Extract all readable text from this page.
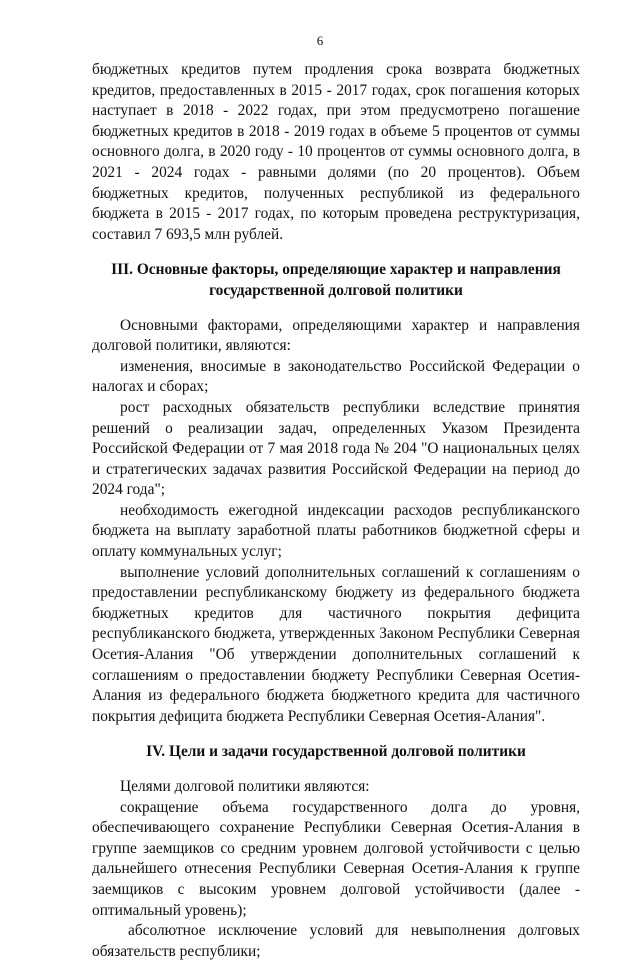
6

бюджетных кредитов путем продления срока возврата бюджетных кредитов, предоставленных в 2015 - 2017 годах, срок погашения которых наступает в 2018 - 2022 годах, при этом предусмотрено погашение бюджетных кредитов в 2018 - 2019 годах в объеме 5 процентов от суммы основного долга, в 2020 году - 10 процентов от суммы основного долга, в 2021 - 2024 годах - равными долями (по 20 процентов). Объем бюджетных кредитов, полученных республикой из федерального бюджета в 2015 - 2017 годах, по которым проведена реструктуризация, составил 7 693,5 млн рублей.

III. Основные факторы, определяющие характер и направления
государственной долговой политики

Основными факторами, определяющими характер и направления долговой политики, являются:

изменения, вносимые в законодательство Российской Федерации о налогах и сборах;

рост расходных обязательств республики вследствие принятия решений о реализации задач, определенных Указом Президента Российской Федерации от 7 мая 2018 года № 204 "О национальных целях и стратегических задачах развития Российской Федерации на период до 2024 года";

необходимость ежегодной индексации расходов республиканского бюджета на выплату заработной платы работников бюджетной сферы и оплату коммунальных услуг;

выполнение условий дополнительных соглашений к соглашениям о предоставлении республиканскому бюджету из федерального бюджета бюджетных кредитов для частичного покрытия дефицита республиканского бюджета, утвержденных Законом Республики Северная Осетия-Алания "Об утверждении дополнительных соглашений к соглашениям о предоставлении бюджету Республики Северная Осетия-Алания из федерального бюджета бюджетного кредита для частичного покрытия дефицита бюджета Республики Северная Осетия-Алания".

IV. Цели и задачи государственной долговой политики

Целями долговой политики являются:

сокращение объема государственного долга до уровня, обеспечивающего сохранение Республики Северная Осетия-Алания в группе заемщиков со средним уровнем долговой устойчивости с целью дальнейшего отнесения Республики Северная Осетия-Алания к группе заемщиков с высоким уровнем долговой устойчивости (далее - оптимальный уровень);

абсолютное исключение условий для невыполнения долговых обязательств республики;
